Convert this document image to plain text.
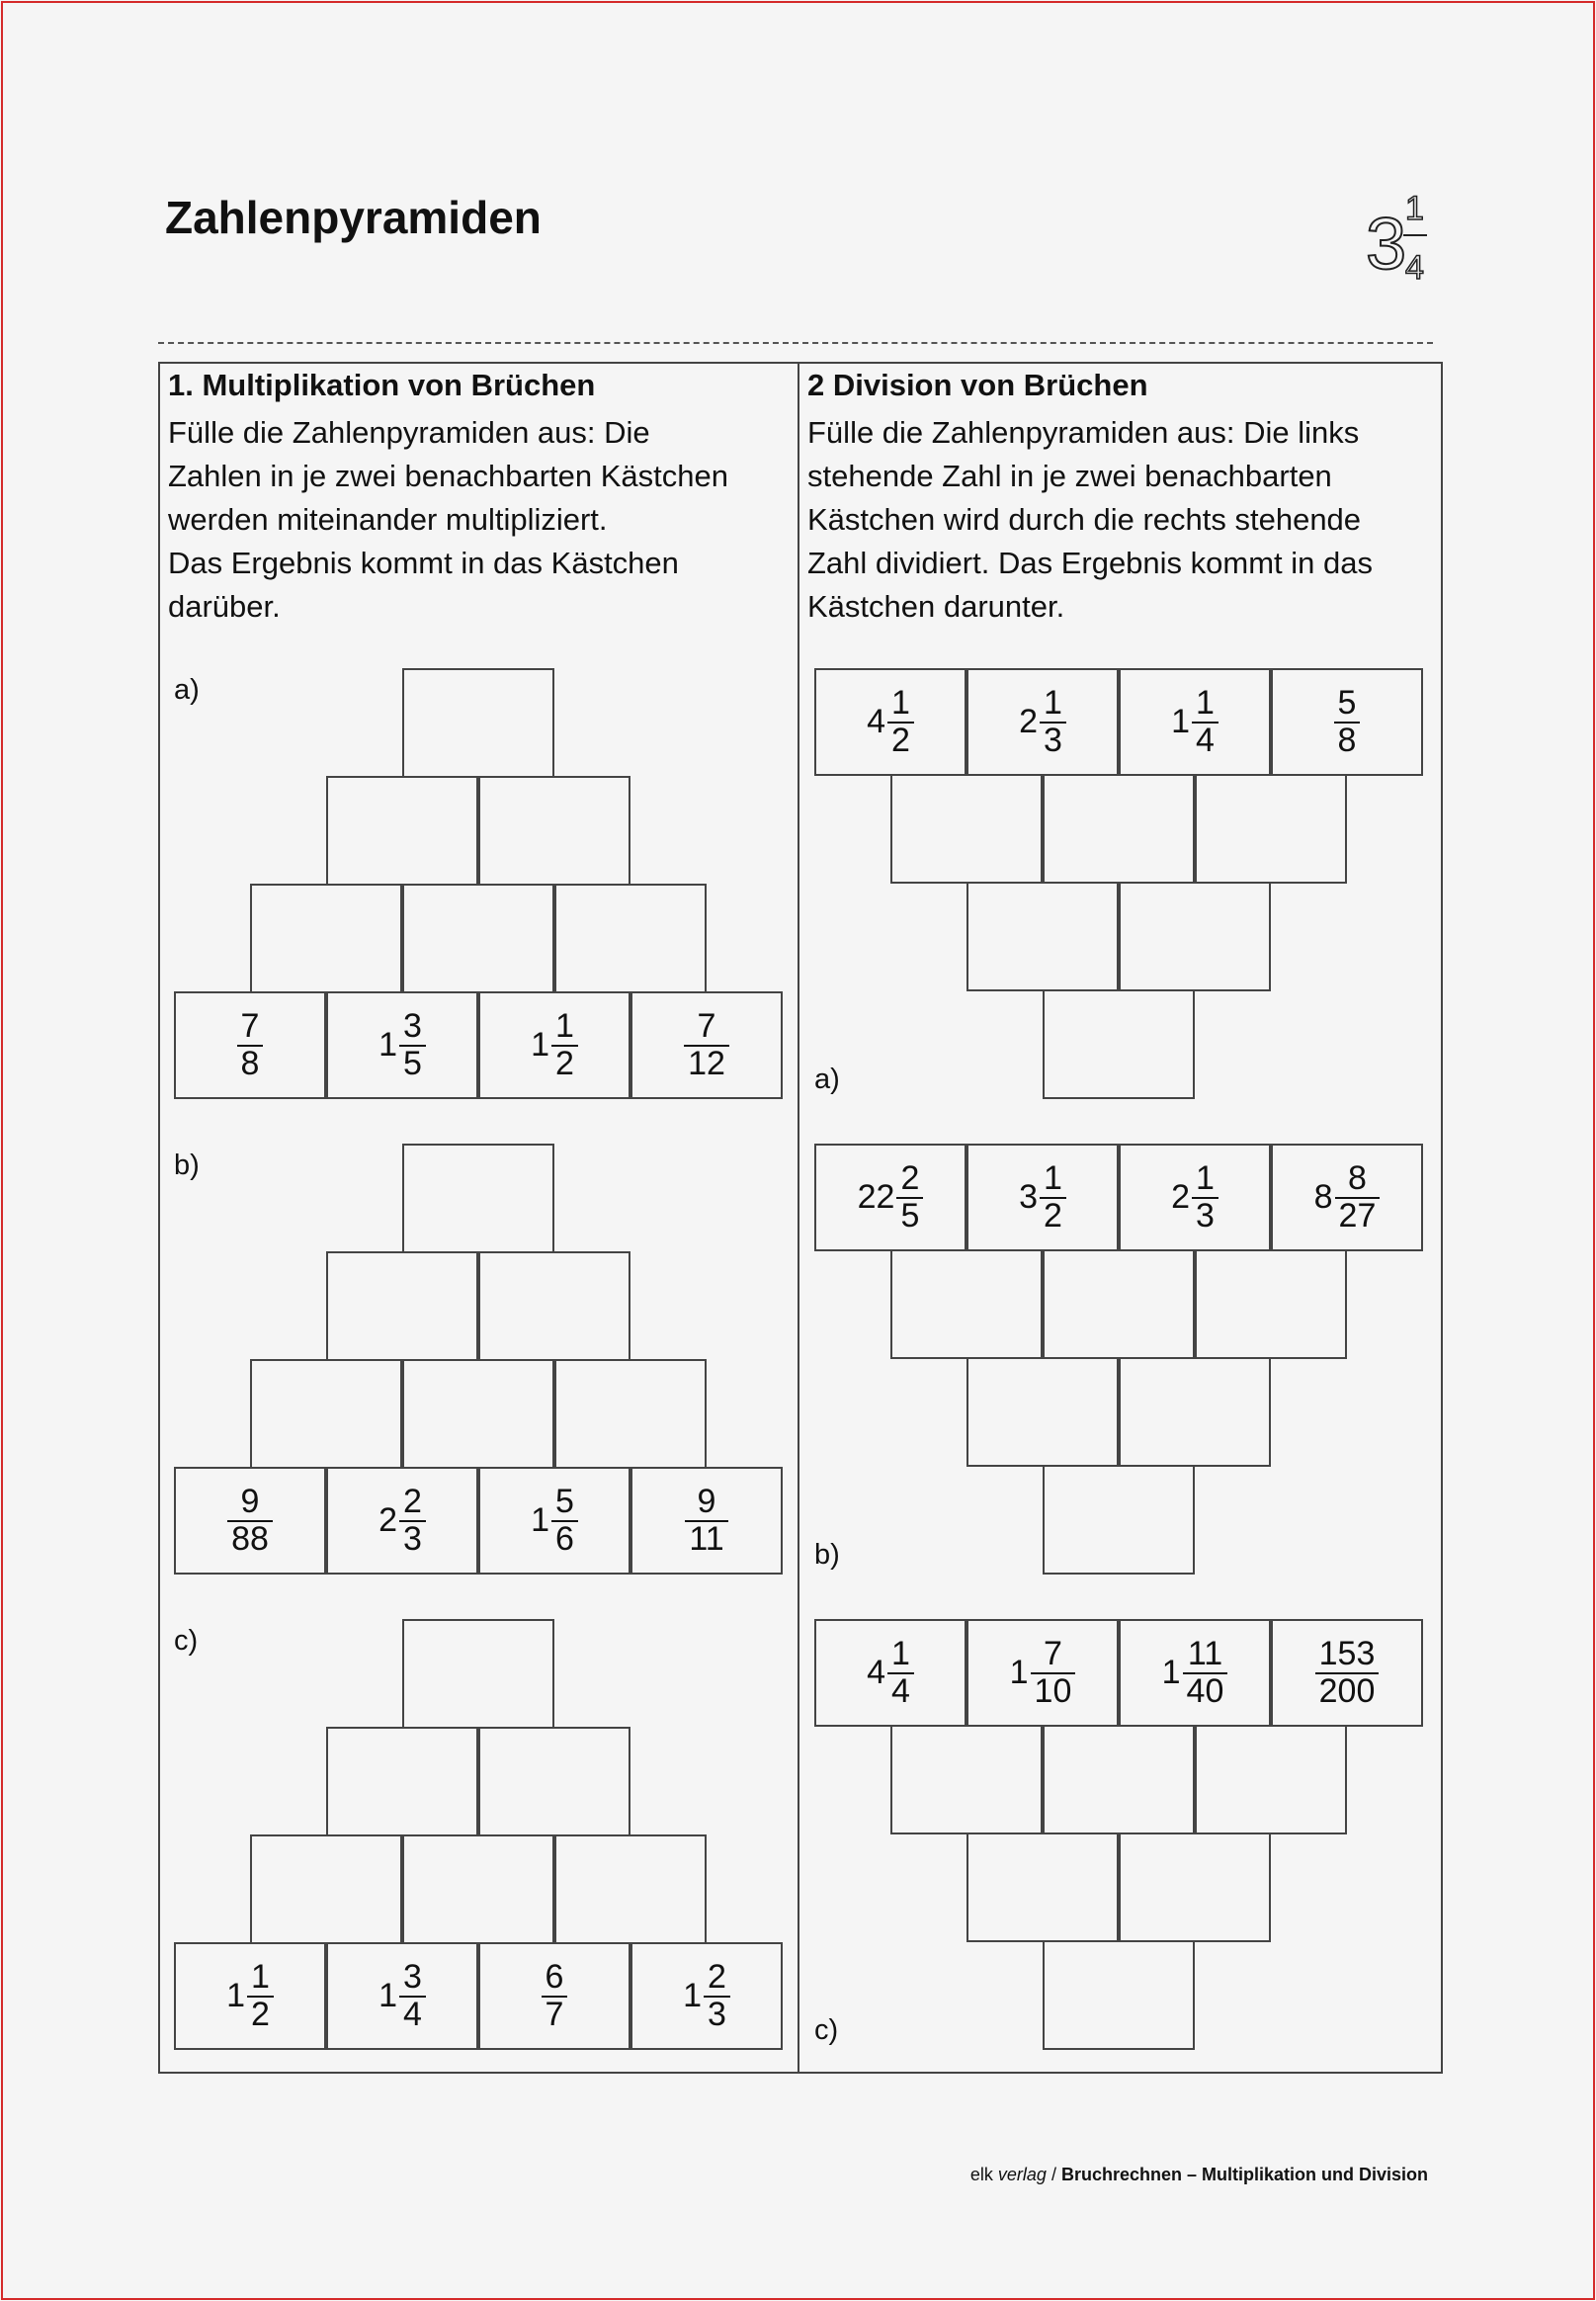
Zahlenpyramiden	3
1
4
1. Multiplikation von Brüchen

Fülle die Zahlenpyramiden aus: Die
Zahlen in je zwei benachbarten Kästchen
werden miteinander multipliziert.
Das Ergebnis kommt in das Kästchen
darüber.

2 Division von Brüchen

Fülle die Zahlenpyramiden aus: Die links
stehende Zahl in je zwei benachbarten
Kästchen wird durch die rechts stehende
Zahl dividiert. Das Ergebnis kommt in das
Kästchen darunter.

a)
b)
c)
a)
b)
c)
$\frac{7}{8}$	$1 \frac{3}{5}$	$1 \frac{1}{2}$	$\frac{7}{12}$
$\frac{9}{88}$	$2 \frac{2}{3}$	$1 \frac{5}{6}$	$\frac{9}{11}$
$1 \frac{1}{2}$	$1 \frac{3}{4}$	$\frac{6}{7}$	$1 \frac{2}{3}$
$4 \frac{1}{2}$	$2 \frac{1}{3}$	$1 \frac{1}{4}$	$\frac{5}{8}$
$22 \frac{2}{5}$	$3 \frac{1}{2}$	$2 \frac{1}{3}$	$8 \frac{8}{27}$
$4 \frac{1}{4}$	$1 \frac{7}{10}$	$1 \frac{11}{40}$	$\frac{153}{200}$
elk verlag / Bruchrechnen – Multiplikation und Division
